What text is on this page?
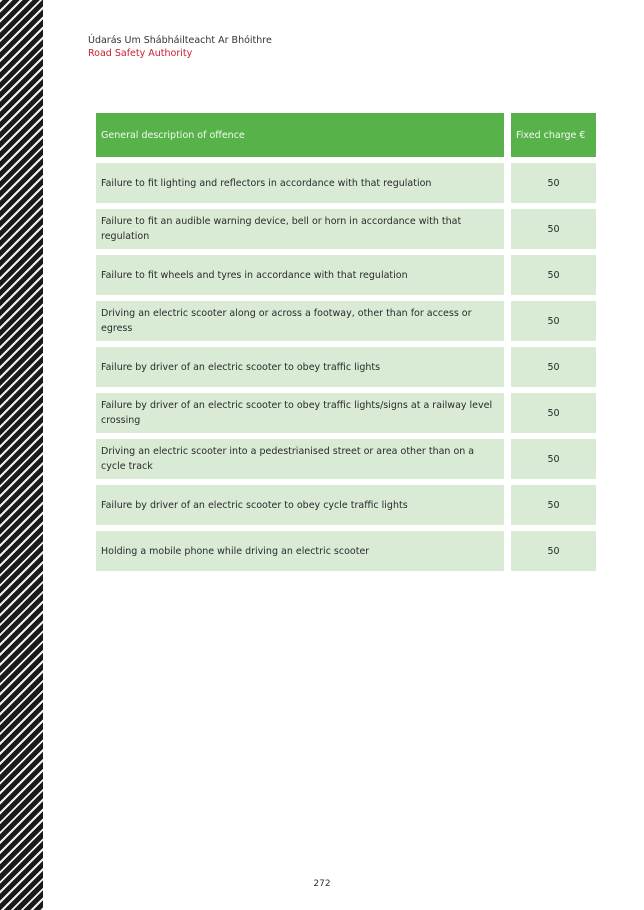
Údarás Um Shábháilteacht Ar Bhóithre
Road Safety Authority
General description of offence		Fixed charge €
Failure to fit lighting and reflectors in accordance with that regulation		50
Failure to fit an audible warning device, bell or horn in accordance with that regulation		50
Failure to fit wheels and tyres in accordance with that regulation		50
Driving an electric scooter along or across a footway, other than for access or egress		50
Failure by driver of an electric scooter to obey traffic lights		50
Failure by driver of an electric scooter to obey traffic lights/signs at a railway level crossing		50
Driving an electric scooter into a pedestrianised street or area other than on a cycle track		50
Failure by driver of an electric scooter to obey cycle traffic lights		50
Holding a mobile phone while driving an electric scooter		50
272
